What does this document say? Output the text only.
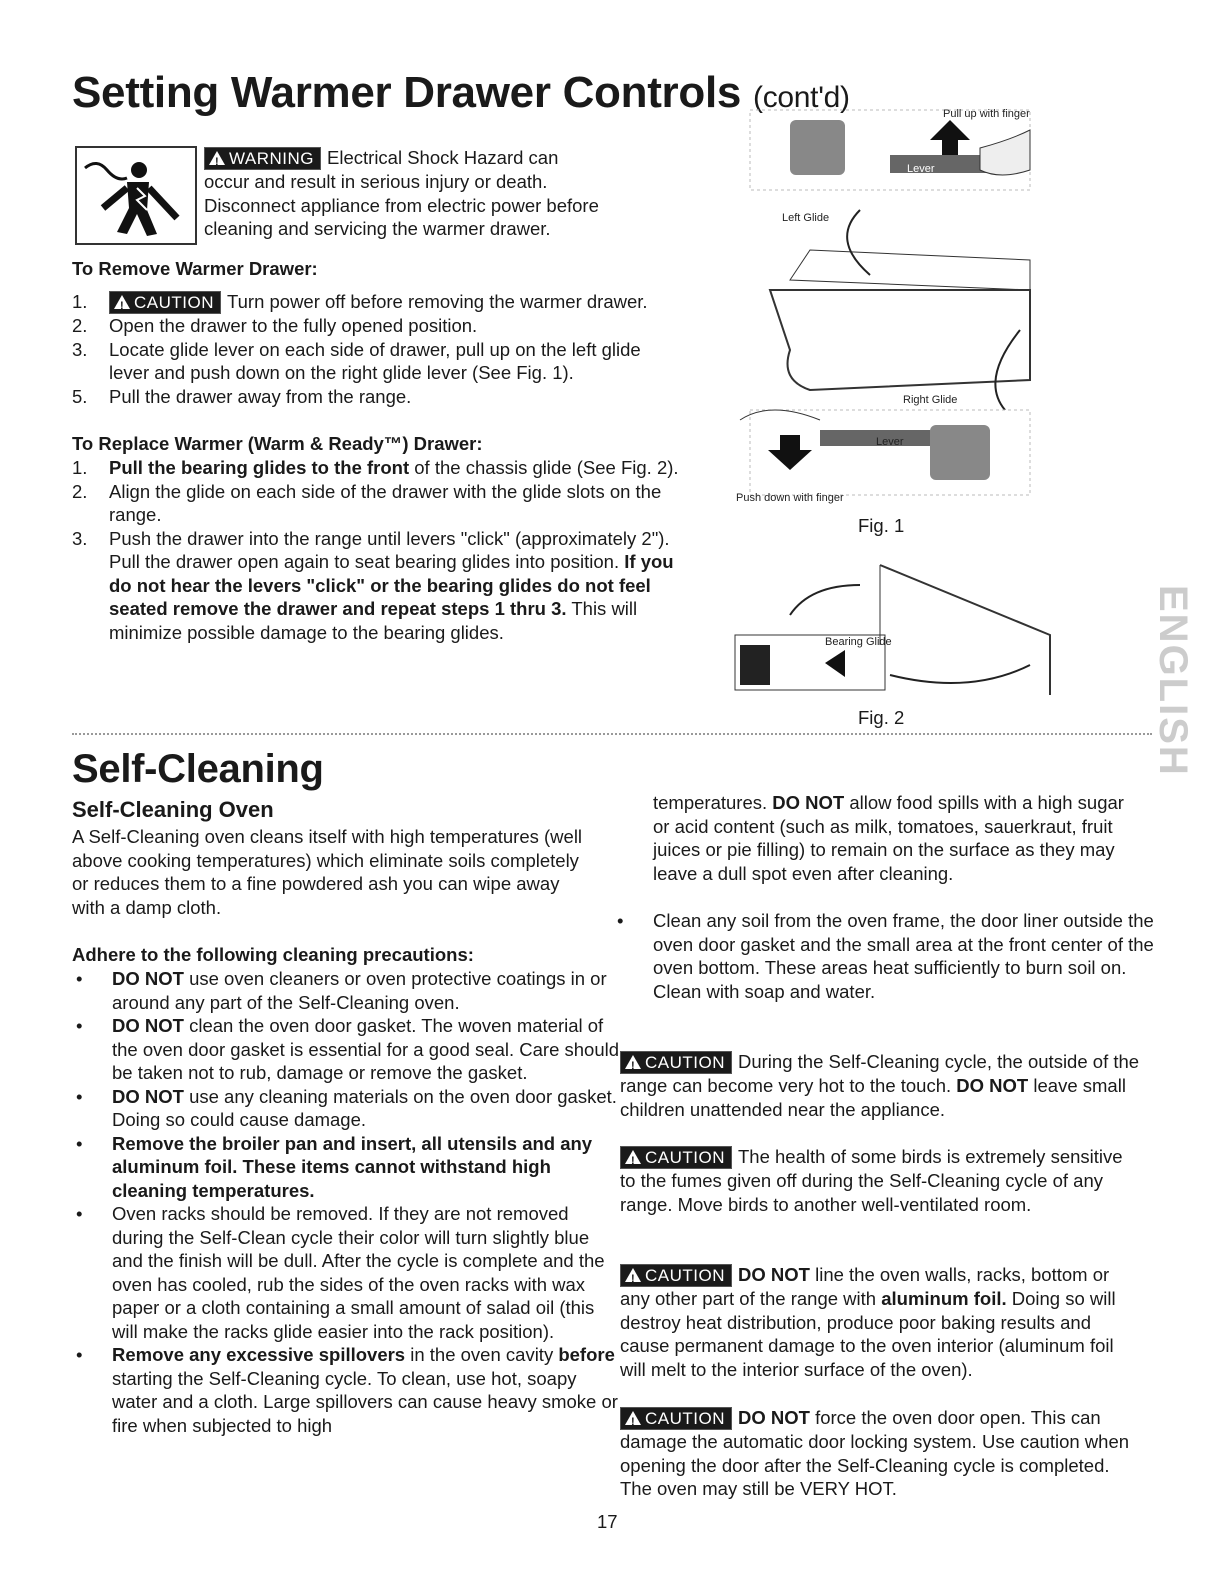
Setting Warmer Drawer Controls (cont'd)
!WARNING Electrical Shock Hazard can
occur and result in serious injury or death.
Disconnect appliance from electric power before
cleaning and servicing the warmer drawer.
To Remove Warmer Drawer:
1.
!	CAUTION Turn power off before removing the warmer drawer.
2. Open the drawer to the fully opened position.
3. Locate glide lever on each side of drawer, pull up on the left glide lever and push down on the right glide lever (See Fig. 1).
5. Pull the drawer away from the range.
To Replace Warmer (Warm & Ready™) Drawer:
1. Pull the bearing glides to the front of the chassis glide (See Fig. 2).
2. Align the glide on each side of the drawer with the glide slots on the range.
3. Push the drawer into the range until levers "click" (approximately 2"). Pull the drawer open again to seat bearing glides into position. If you do not hear the levers "click" or the bearing glides do not feel seated remove the drawer and repeat steps 1 thru 3. This will minimize possible damage to the bearing glides.
Pull up with finger
Lever
Left Glide
Right Glide
Lever
Push down with finger
Fig. 1
Bearing Glide
Fig. 2	ENGLISH
Self-Cleaning
Self-Cleaning Oven
A Self-Cleaning oven cleans itself with high temperatures (well above cooking temperatures) which eliminate soils completely or reduces them to a fine powdered ash you can wipe away with a damp cloth.
Adhere to the following cleaning precautions:
• DO NOT use oven cleaners or oven protective coatings in or around any part of the Self-Cleaning oven.
• DO NOT clean the oven door gasket. The woven material of the oven door gasket is essential for a good seal. Care should be taken not to rub, damage or remove the gasket.
• DO NOT use any cleaning materials on the oven door gasket. Doing so could cause damage.
• Remove the broiler pan and insert, all utensils and any aluminum foil. These items cannot withstand high cleaning temperatures.
• Oven racks should be removed. If they are not removed during the Self-Clean cycle their color will turn slightly blue and the finish will be dull. After the cycle is complete and the oven has cooled, rub the sides of the oven racks with wax paper or a cloth containing a small amount of salad oil (this will make the racks glide easier into the rack position).
• Remove any excessive spillovers in the oven cavity before starting the Self-Cleaning cycle. To clean, use hot, soapy water and a cloth. Large spillovers can cause heavy smoke or fire when subjected to high
temperatures. DO NOT allow food spills with a high sugar or acid content (such as milk, tomatoes, sauerkraut, fruit juices or pie filling) to remain on the surface as they may leave a dull spot even after cleaning.
• Clean any soil from the oven frame, the door liner outside the oven door gasket and the small area at the front center of the oven bottom. These areas heat sufficiently to burn soil on. Clean with soap and water.
!CAUTION During the Self-Cleaning cycle, the outside of the range can become very hot to the touch. DO NOT leave small children unattended near the appliance.
!CAUTION The health of some birds is extremely sensitive to the fumes given off during the Self-Cleaning cycle of any range. Move birds to another well-ventilated room.
!CAUTION DO NOT line the oven walls, racks, bottom or any other part of the range with aluminum foil. Doing so will destroy heat distribution, produce poor baking results and cause permanent damage to the oven interior (aluminum foil will melt to the interior surface of the oven).
!CAUTION DO NOT force the oven door open. This can damage the automatic door locking system. Use caution when opening the door after the Self-Cleaning cycle is completed. The oven may still be VERY HOT.
17
